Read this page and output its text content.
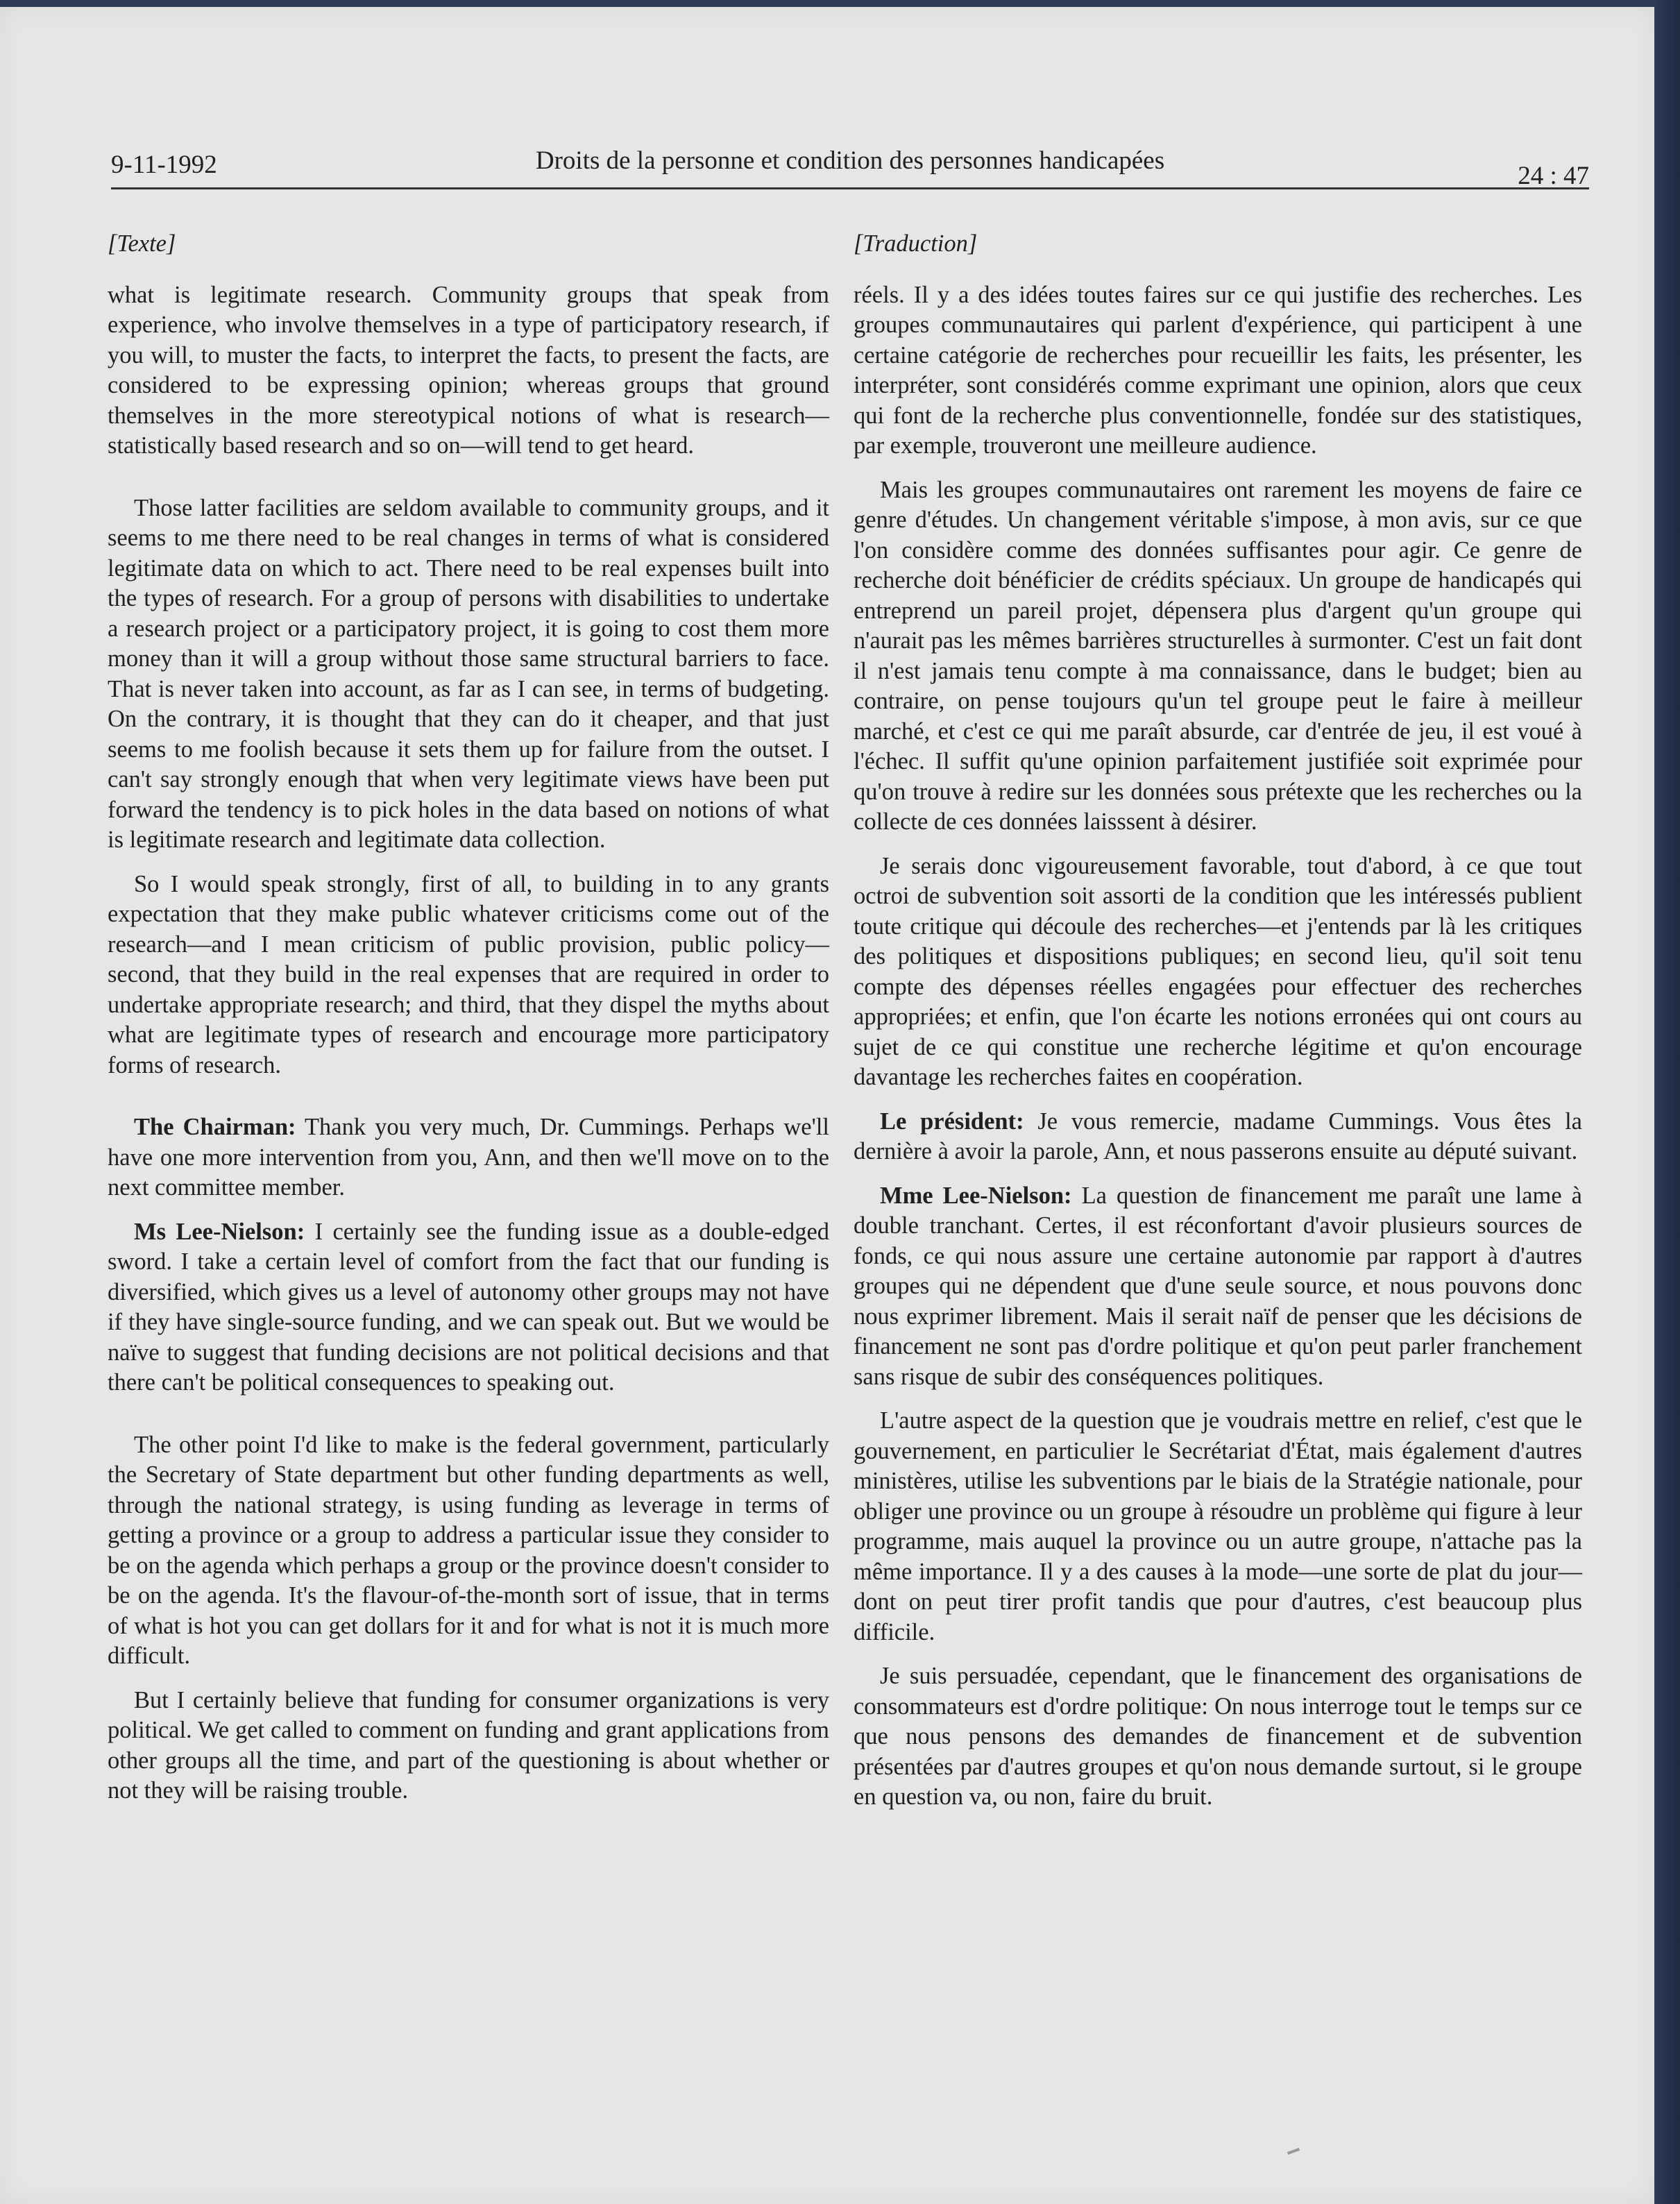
9-11-1992	Droits de la personne et condition des personnes handicapées
24 : 47
[Texte]

what is legitimate research. Community groups that speak from experience, who involve themselves in a type of participatory research, if you will, to muster the facts, to interpret the facts, to present the facts, are considered to be expressing opinion; whereas groups that ground themselves in the more stereotypical notions of what is research—statistically based research and so on—will tend to get heard.

Those latter facilities are seldom available to community groups, and it seems to me there need to be real changes in terms of what is considered legitimate data on which to act. There need to be real expenses built into the types of research. For a group of persons with disabilities to undertake a research project or a participatory project, it is going to cost them more money than it will a group without those same structural barriers to face. That is never taken into account, as far as I can see, in terms of budgeting. On the contrary, it is thought that they can do it cheaper, and that just seems to me foolish because it sets them up for failure from the outset. I can't say strongly enough that when very legitimate views have been put forward the tendency is to pick holes in the data based on notions of what is legitimate research and legitimate data collection.

So I would speak strongly, first of all, to building in to any grants expectation that they make public whatever criticisms come out of the research—and I mean criticism of public provision, public policy—second, that they build in the real expenses that are required in order to undertake appropriate research; and third, that they dispel the myths about what are legitimate types of research and encourage more participatory forms of research.

The Chairman: Thank you very much, Dr. Cummings. Perhaps we'll have one more intervention from you, Ann, and then we'll move on to the next committee member.

Ms Lee-Nielson: I certainly see the funding issue as a double-edged sword. I take a certain level of comfort from the fact that our funding is diversified, which gives us a level of autonomy other groups may not have if they have single-source funding, and we can speak out. But we would be naïve to suggest that funding decisions are not political decisions and that there can't be political consequences to speaking out.

The other point I'd like to make is the federal government, particularly the Secretary of State department but other funding departments as well, through the national strategy, is using funding as leverage in terms of getting a province or a group to address a particular issue they consider to be on the agenda which perhaps a group or the province doesn't consider to be on the agenda. It's the flavour-of-the-month sort of issue, that in terms of what is hot you can get dollars for it and for what is not it is much more difficult.

But I certainly believe that funding for consumer organizations is very political. We get called to comment on funding and grant applications from other groups all the time, and part of the questioning is about whether or not they will be raising trouble.

[Traduction]

réels. Il y a des idées toutes faires sur ce qui justifie des recherches. Les groupes communautaires qui parlent d'expérience, qui participent à une certaine catégorie de recherches pour recueillir les faits, les présenter, les interpréter, sont considérés comme exprimant une opinion, alors que ceux qui font de la recherche plus conventionnelle, fondée sur des statistiques, par exemple, trouveront une meilleure audience.

Mais les groupes communautaires ont rarement les moyens de faire ce genre d'études. Un changement véritable s'impose, à mon avis, sur ce que l'on considère comme des données suffisantes pour agir. Ce genre de recherche doit bénéficier de crédits spéciaux. Un groupe de handicapés qui entreprend un pareil projet, dépensera plus d'argent qu'un groupe qui n'aurait pas les mêmes barrières structurelles à surmonter. C'est un fait dont il n'est jamais tenu compte à ma connaissance, dans le budget; bien au contraire, on pense toujours qu'un tel groupe peut le faire à meilleur marché, et c'est ce qui me paraît absurde, car d'entrée de jeu, il est voué à l'échec. Il suffit qu'une opinion parfaitement justifiée soit exprimée pour qu'on trouve à redire sur les données sous prétexte que les recherches ou la collecte de ces données laisssent à désirer.

Je serais donc vigoureusement favorable, tout d'abord, à ce que tout octroi de subvention soit assorti de la condition que les intéressés publient toute critique qui découle des recherches—et j'entends par là les critiques des politiques et dispositions publiques; en second lieu, qu'il soit tenu compte des dépenses réelles engagées pour effectuer des recherches appropriées; et enfin, que l'on écarte les notions erronées qui ont cours au sujet de ce qui constitue une recherche légitime et qu'on encourage davantage les recherches faites en coopération.

Le président: Je vous remercie, madame Cummings. Vous êtes la dernière à avoir la parole, Ann, et nous passerons ensuite au député suivant.

Mme Lee-Nielson: La question de financement me paraît une lame à double tranchant. Certes, il est réconfortant d'avoir plusieurs sources de fonds, ce qui nous assure une certaine autonomie par rapport à d'autres groupes qui ne dépendent que d'une seule source, et nous pouvons donc nous exprimer librement. Mais il serait naïf de penser que les décisions de financement ne sont pas d'ordre politique et qu'on peut parler franchement sans risque de subir des conséquences politiques.

L'autre aspect de la question que je voudrais mettre en relief, c'est que le gouvernement, en particulier le Secrétariat d'État, mais également d'autres ministères, utilise les subventions par le biais de la Stratégie nationale, pour obliger une province ou un groupe à résoudre un problème qui figure à leur programme, mais auquel la province ou un autre groupe, n'attache pas la même importance. Il y a des causes à la mode—une sorte de plat du jour—dont on peut tirer profit tandis que pour d'autres, c'est beaucoup plus difficile.

Je suis persuadée, cependant, que le financement des organisations de consommateurs est d'ordre politique: On nous interroge tout le temps sur ce que nous pensons des demandes de financement et de subvention présentées par d'autres groupes et qu'on nous demande surtout, si le groupe en question va, ou non, faire du bruit.
